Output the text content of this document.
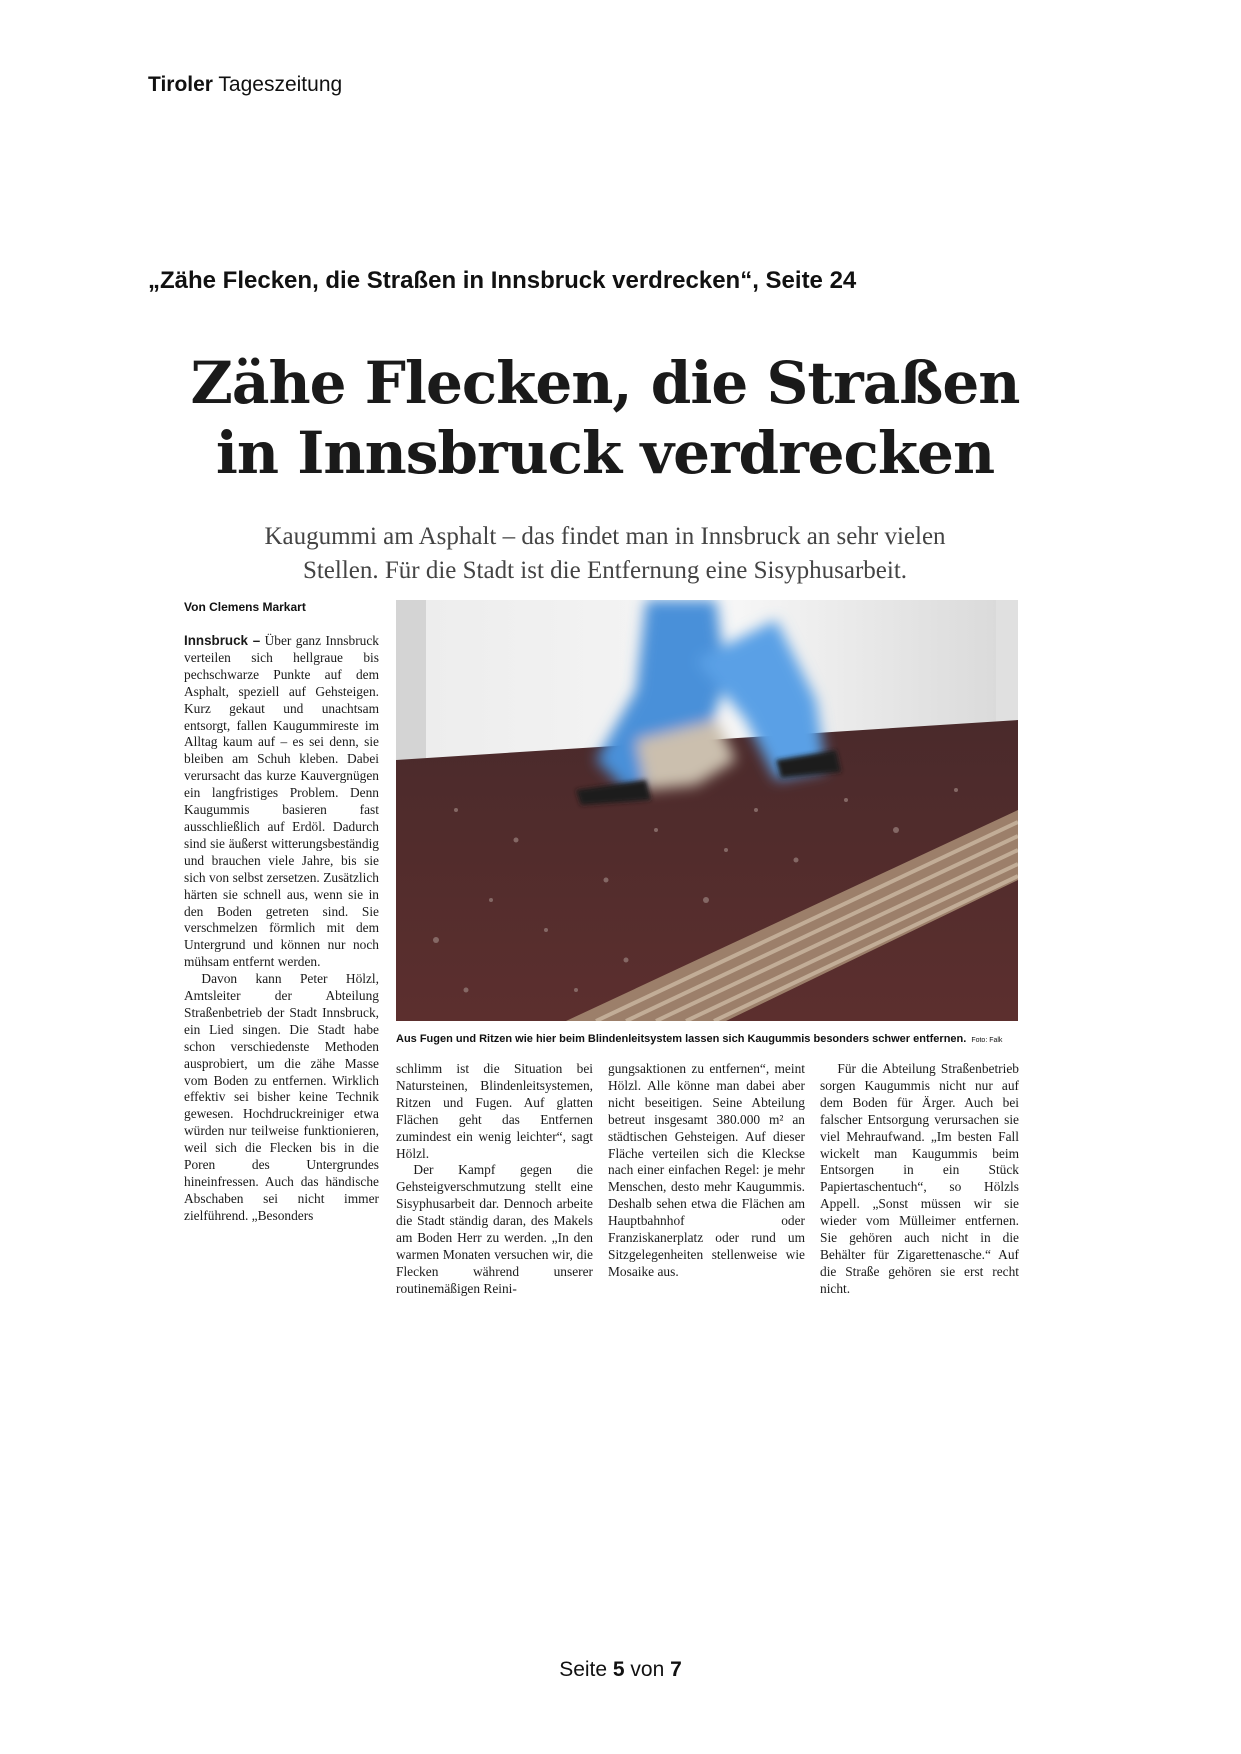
Tiroler Tageszeitung
„Zähe Flecken, die Straßen in Innsbruck verdrecken“, Seite 24
Zähe Flecken, die Straßen
in Innsbruck verdrecken
Kaugummi am Asphalt – das findet man in Innsbruck an sehr vielen
Stellen. Für die Stadt ist die Entfernung eine Sisyphusarbeit.
Von Clemens Markart

Innsbruck – Über ganz Innsbruck verteilen sich hellgraue bis pechschwarze Punkte auf dem Asphalt, speziell auf Gehsteigen. Kurz gekaut und unachtsam entsorgt, fallen Kaugummireste im Alltag kaum auf – es sei denn, sie bleiben am Schuh kleben. Dabei verursacht das kurze Kauvergnügen ein langfristiges Problem. Denn Kaugummis basieren fast ausschließlich auf Erdöl. Dadurch sind sie äußerst witterungsbeständig und brauchen viele Jahre, bis sie sich von selbst zersetzen. Zusätzlich härten sie schnell aus, wenn sie in den Boden getreten sind. Sie verschmelzen förmlich mit dem Untergrund und können nur noch mühsam entfernt werden.

Davon kann Peter Hölzl, Amtsleiter der Abteilung Straßenbetrieb der Stadt Innsbruck, ein Lied singen. Die Stadt habe schon verschiedenste Methoden ausprobiert, um die zähe Masse vom Boden zu entfernen. Wirklich effektiv sei bisher keine Technik gewesen. Hochdruckreiniger etwa würden nur teilweise funktionieren, weil sich die Flecken bis in die Poren des Untergrundes hineinfressen. Auch das händische Abschaben sei nicht immer zielführend. „Besonders

Aus Fugen und Ritzen wie hier beim Blindenleitsystem lassen sich Kaugummis besonders schwer entfernen. Foto: Falk

schlimm ist die Situation bei Natursteinen, Blindenleitsystemen, Ritzen und Fugen. Auf glatten Flächen geht das Entfernen zumindest ein wenig leichter“, sagt Hölzl.

Der Kampf gegen die Gehsteigverschmutzung stellt eine Sisyphusarbeit dar. Dennoch arbeite die Stadt ständig daran, des Makels am Boden Herr zu werden. „In den warmen Monaten versuchen wir, die Flecken während unserer routinemäßigen Reini-

gungsaktionen zu entfernen“, meint Hölzl. Alle könne man dabei aber nicht beseitigen. Seine Abteilung betreut insgesamt 380.000 m² an städtischen Gehsteigen. Auf dieser Fläche verteilen sich die Kleckse nach einer einfachen Regel: je mehr Menschen, desto mehr Kaugummis. Deshalb sehen etwa die Flächen am Hauptbahnhof oder Franziskanerplatz oder rund um Sitzgelegenheiten stellenweise wie Mosaike aus.

Für die Abteilung Straßenbetrieb sorgen Kaugummis nicht nur auf dem Boden für Ärger. Auch bei falscher Entsorgung verursachen sie viel Mehraufwand. „Im besten Fall wickelt man Kaugummis beim Entsorgen in ein Stück Papiertaschentuch“, so Hölzls Appell. „Sonst müssen wir sie wieder vom Mülleimer entfernen. Sie gehören auch nicht in die Behälter für Zigarettenasche.“ Auf die Straße gehören sie erst recht nicht.

Seite 5 von 7
